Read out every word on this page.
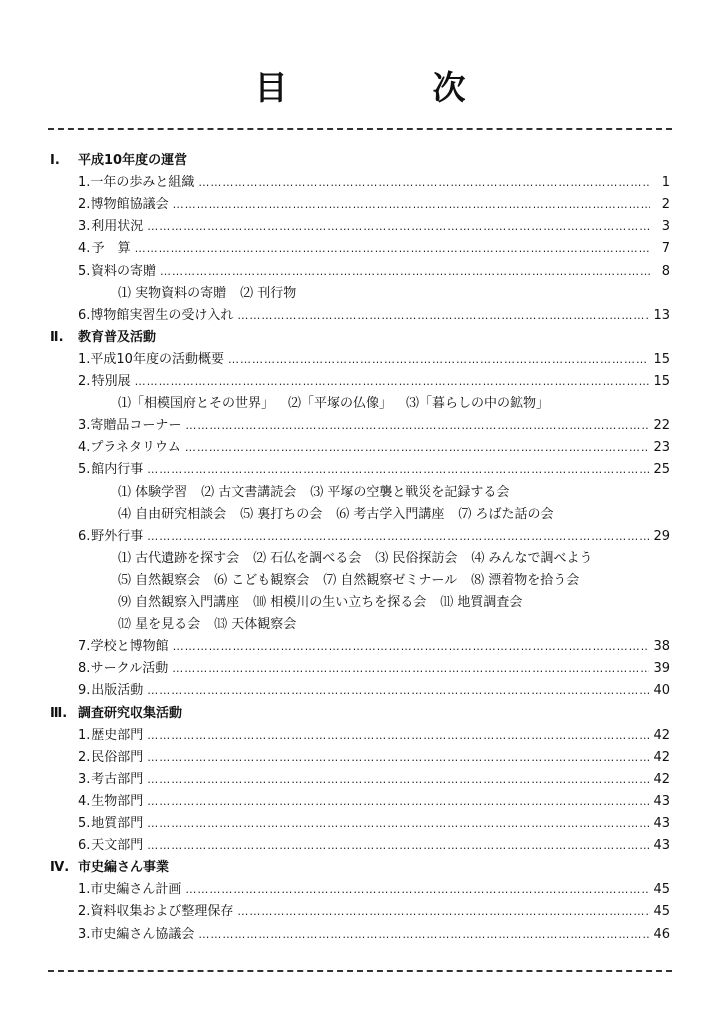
目　次
Ⅰ. 平成10年度の運営
1. 一年の歩みと組織 …………………………………………………………………………………………………………………………………………………………………………………………………………………………	1
2. 博物館協議会 …………………………………………………………………………………………………………………………………………………………………………………………………………………………	2
3. 利用状況 …………………………………………………………………………………………………………………………………………………………………………………………………………………………	3
4. 予　算 …………………………………………………………………………………………………………………………………………………………………………………………………………………………	7
5. 資料の寄贈 …………………………………………………………………………………………………………………………………………………………………………………………………………………………	8
⑴ 実物資料の寄贈 ⑵ 刊行物
6. 博物館実習生の受け入れ …………………………………………………………………………………………………………………………………………………………………………………………………………………………	13
Ⅱ. 教育普及活動
1. 平成10年度の活動概要 …………………………………………………………………………………………………………………………………………………………………………………………………………………………	15
2. 特別展 …………………………………………………………………………………………………………………………………………………………………………………………………………………………	15
⑴「相模国府とその世界」 ⑵「平塚の仏像」 ⑶「暮らしの中の鉱物」
3. 寄贈品コーナー …………………………………………………………………………………………………………………………………………………………………………………………………………………………	22
4. プラネタリウム …………………………………………………………………………………………………………………………………………………………………………………………………………………………	23
5. 館内行事 …………………………………………………………………………………………………………………………………………………………………………………………………………………………	25
⑴ 体験学習 ⑵ 古文書講読会 ⑶ 平塚の空襲と戦災を記録する会
⑷ 自由研究相談会 ⑸ 裏打ちの会 ⑹ 考古学入門講座 ⑺ ろばた話の会
6. 野外行事 …………………………………………………………………………………………………………………………………………………………………………………………………………………………	29
⑴ 古代遺跡を探す会 ⑵ 石仏を調べる会 ⑶ 民俗探訪会 ⑷ みんなで調べよう
⑸ 自然観察会 ⑹ こども観察会 ⑺ 自然観察ゼミナール ⑻ 漂着物を拾う会
⑼ 自然観察入門講座 ⑽ 相模川の生い立ちを探る会 ⑾ 地質調査会
⑿ 星を見る会 ⒀ 天体観察会
7. 学校と博物館 …………………………………………………………………………………………………………………………………………………………………………………………………………………………	38
8. サークル活動 …………………………………………………………………………………………………………………………………………………………………………………………………………………………	39
9. 出版活動 …………………………………………………………………………………………………………………………………………………………………………………………………………………………	40
Ⅲ. 調査研究収集活動
1. 歴史部門 …………………………………………………………………………………………………………………………………………………………………………………………………………………………	42
2. 民俗部門 …………………………………………………………………………………………………………………………………………………………………………………………………………………………	42
3. 考古部門 …………………………………………………………………………………………………………………………………………………………………………………………………………………………	42
4. 生物部門 …………………………………………………………………………………………………………………………………………………………………………………………………………………………	43
5. 地質部門 …………………………………………………………………………………………………………………………………………………………………………………………………………………………	43
6. 天文部門 …………………………………………………………………………………………………………………………………………………………………………………………………………………………	43
Ⅳ. 市史編さん事業
1. 市史編さん計画 …………………………………………………………………………………………………………………………………………………………………………………………………………………………	45
2. 資料収集および整理保存 …………………………………………………………………………………………………………………………………………………………………………………………………………………………	45
3. 市史編さん協議会 …………………………………………………………………………………………………………………………………………………………………………………………………………………………	46
